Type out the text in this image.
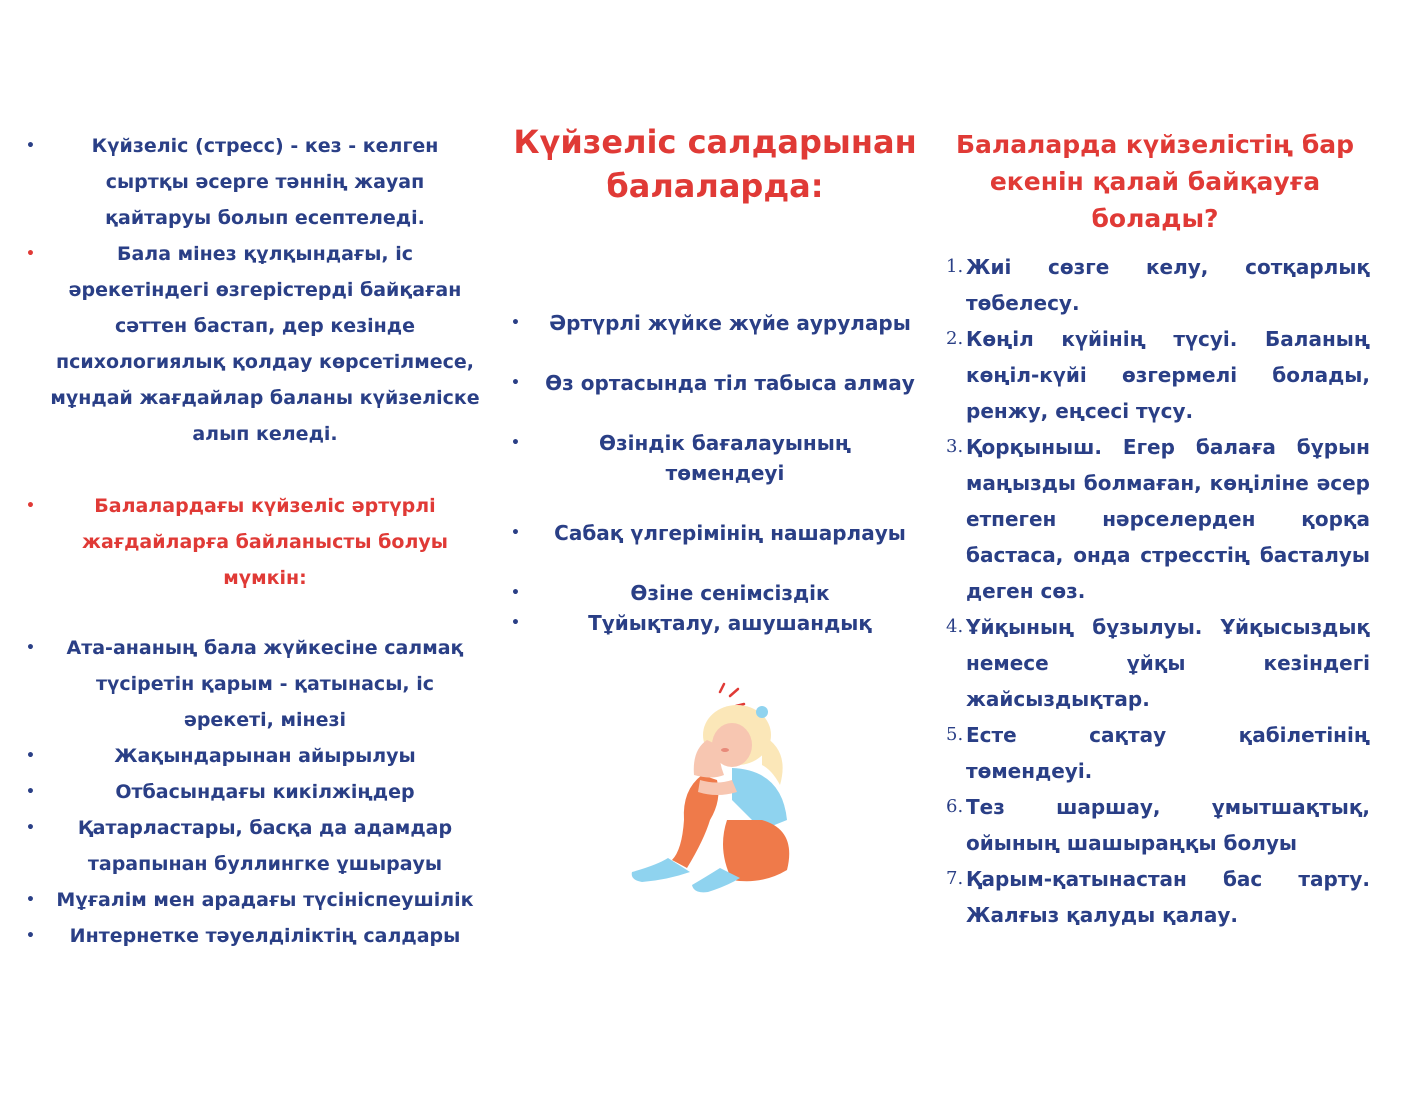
•	Күйзеліс (стресс) - кез - келген сыртқы әсерге тәннің жауап қайтаруы болып есептеледі.
•	Бала мінез құлқындағы, іс әрекетіндегі өзгерістерді байқаған сәттен бастап, дер кезінде психологиялық қолдау көрсетілмесе, мұндай жағдайлар баланы күйзеліске алып келеді.
•	Балалардағы күйзеліс әртүрлі жағдайларға байланысты болуы мүмкін:
• Ата-ананың бала жүйкесіне салмақ түсіретін қарым - қатынасы, іс әрекеті, мінезі
•	Жақындарынан айырылуы
•	Отбасындағы кикілжіңдер
• Қатарластары, басқа да адамдар тарапынан буллингке ұшырауы
• Мұғалім мен арадағы түсініспеушілік
• Интернетке тәуелділіктің салдары
Күйзеліс салдарынан балаларда:
• Әртүрлі жүйке жүйе аурулары
• Өз ортасында тіл табыса алмау
•	Өзіндік бағалауының төмендеуі
• Сабақ үлгерімінің нашарлауы
•	Өзіне сенімсіздік
•	Тұйықталу, ашушандық
Балаларда күйзелістің бар екенін қалай байқауға болады?
1. Жиі сөзге келу, сотқарлық төбелесу.
2. Көңіл күйінің түсуі. Баланың көңіл-күйі өзгермелі болады, ренжу, еңсесі түсу.
3. Қорқыныш. Егер балаға бұрын маңызды болмаған, көңіліне әсер етпеген нәрселерден қорқа бастаса, онда стресстің басталуы деген сөз.
4. Ұйқының бұзылуы. Ұйқысыздық немесе ұйқы кезіндегі жайсыздықтар.
5. Есте сақтау қабілетінің төмендеуі.
6. Тез шаршау, ұмытшақтық, ойының шашыраңқы болуы
7. Қарым-қатынастан бас тарту. Жалғыз қалуды қалау.
